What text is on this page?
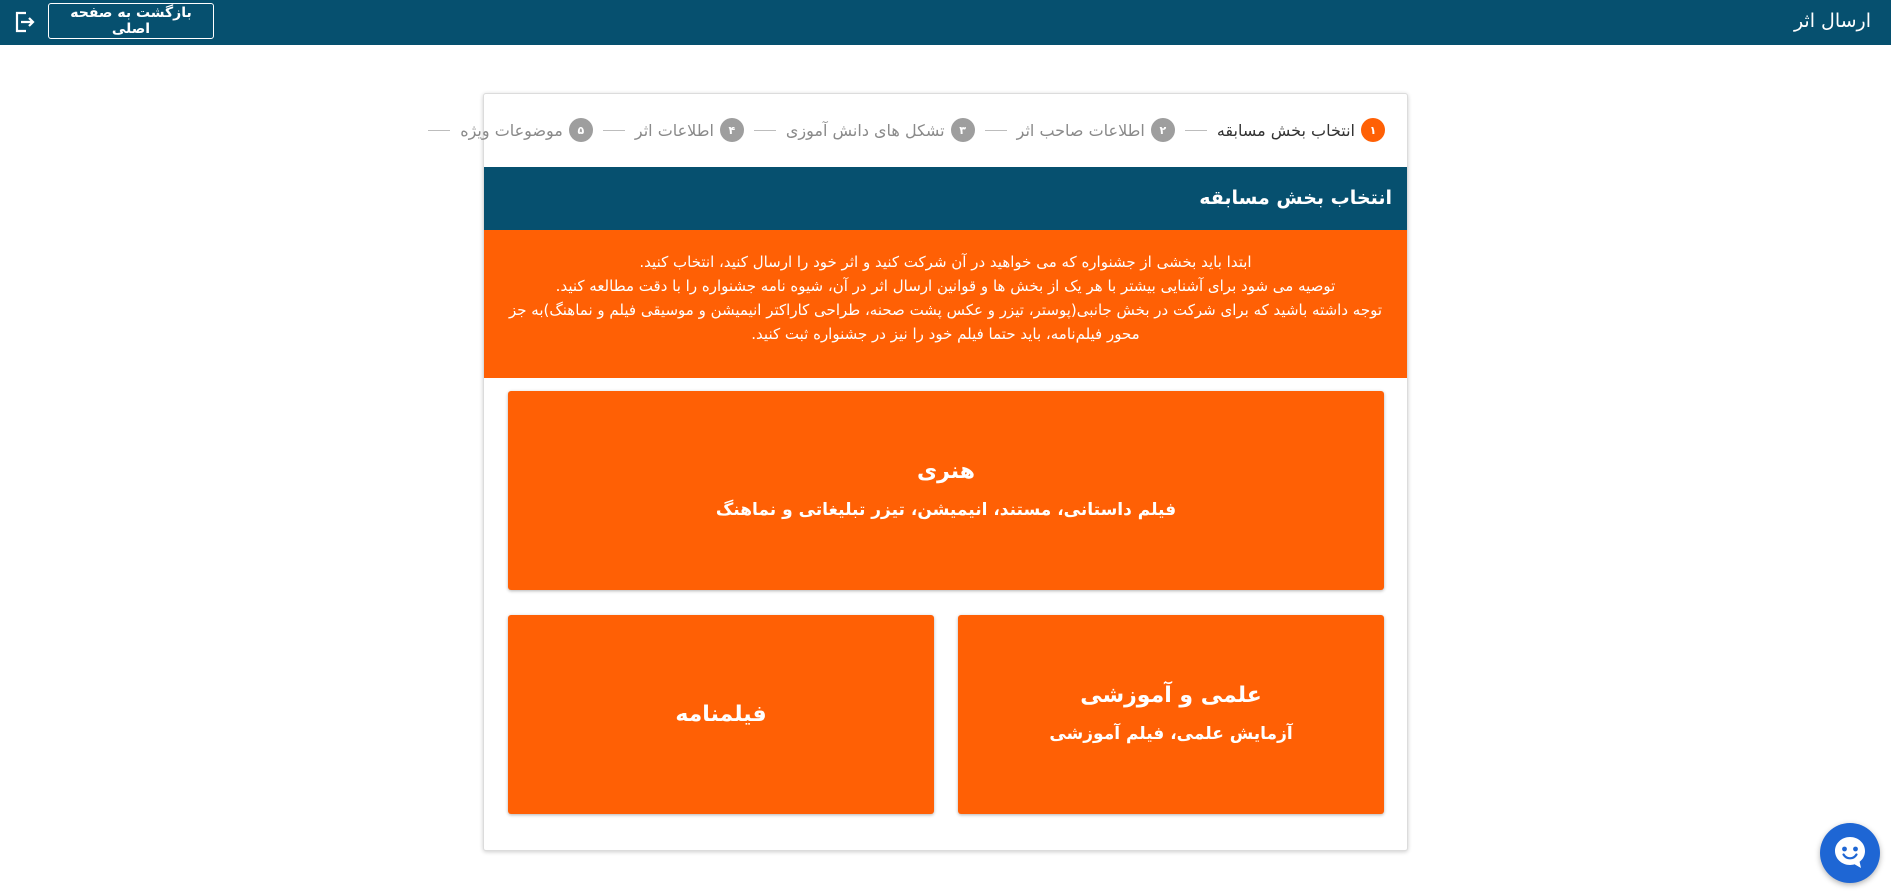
ارسال اثر
بازگشت به صفحه اصلی
۱
انتخاب بخش مسابقه
۲
اطلاعات صاحب اثر
۳
تشکل های دانش آموزی
۴
اطلاعات اثر
۵
موضوعات ویژه
انتخاب بخش مسابقه

ابتدا باید بخشی از جشنواره که می خواهید در آن شرکت کنید و اثر خود را ارسال کنید، انتخاب کنید.

توصیه می شود برای آشنایی بیشتر با هر یک از بخش ها و قوانین ارسال اثر در آن، شیوه نامه جشنواره را با دقت مطالعه کنید.

توجه داشته باشید که برای شرکت در بخش جانبی(پوستر، تیزر و عکس پشت صحنه، طراحی کاراکتر انیمیشن و موسیقی فیلم و نماهنگ)به جز محور فیلم‌نامه، باید حتما فیلم خود را نیز در جشنواره ثبت کنید.

هنری
فیلم داستانی، مستند، انیمیشن، تیزر تبلیغاتی و نماهنگ
علمی و آموزشی
آزمایش علمی، فیلم آموزشی
فیلمنامه
